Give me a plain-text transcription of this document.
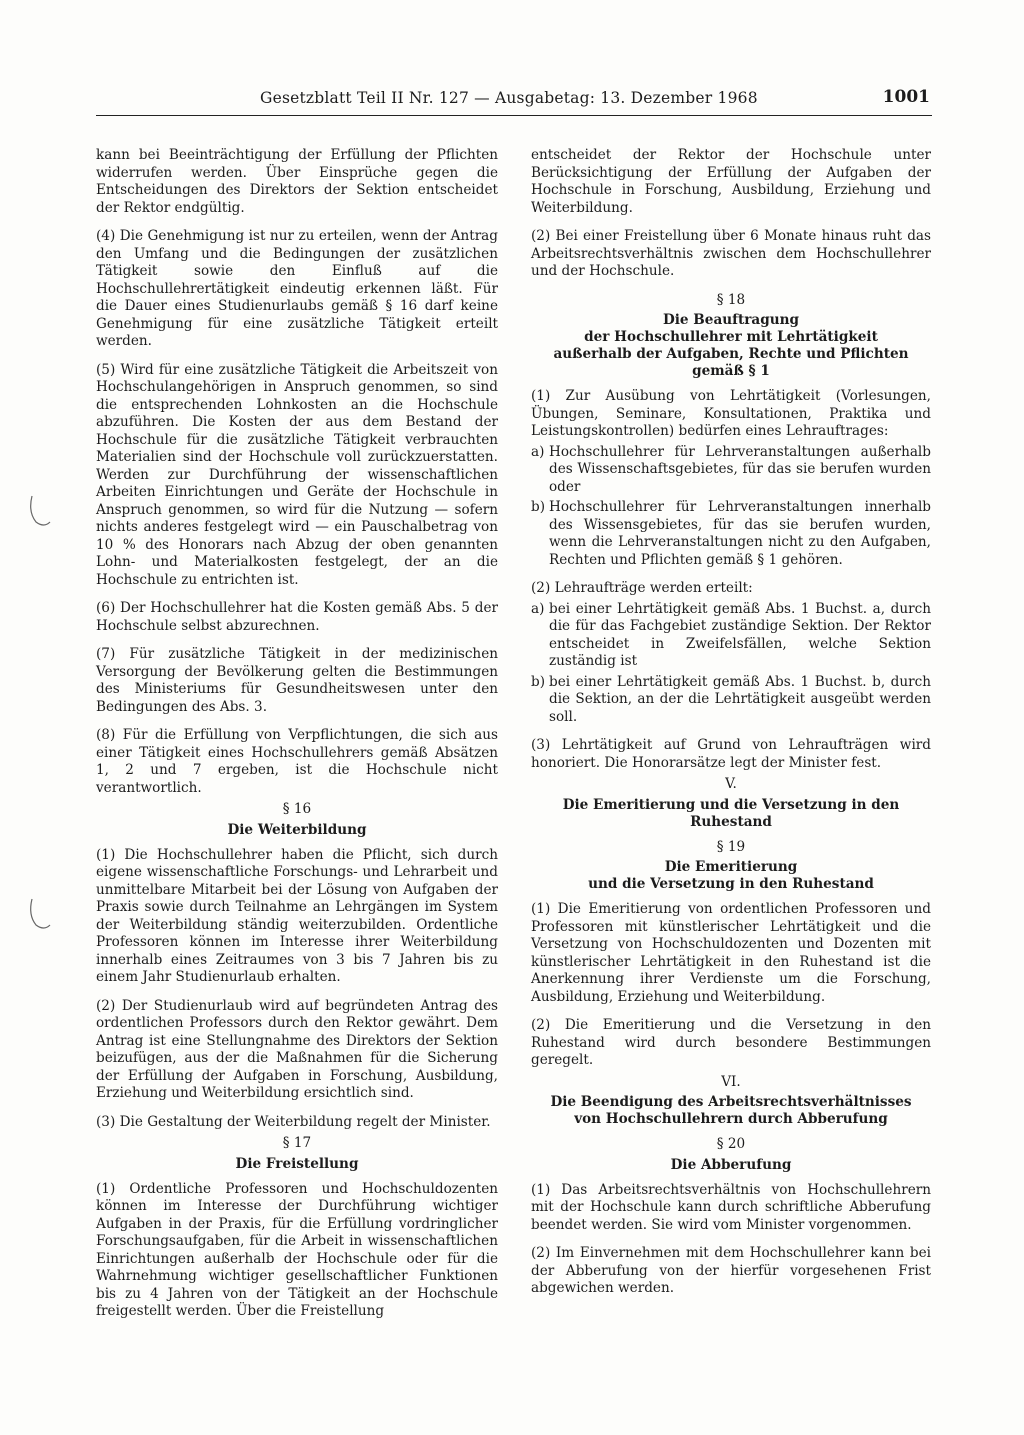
Gesetzblatt Teil II Nr. 127 — Ausgabetag: 13. Dezember 1968	1001

kann bei Beeinträchtigung der Erfüllung der Pflichten widerrufen werden. Über Einsprüche gegen die Entscheidungen des Direktors der Sektion entscheidet der Rektor endgültig.

(4) Die Genehmigung ist nur zu erteilen, wenn der Antrag den Umfang und die Bedingungen der zusätzlichen Tätigkeit sowie den Einfluß auf die Hochschullehrertätigkeit eindeutig erkennen läßt. Für die Dauer eines Studienurlaubs gemäß § 16 darf keine Genehmigung für eine zusätzliche Tätigkeit erteilt werden.

(5) Wird für eine zusätzliche Tätigkeit die Arbeitszeit von Hochschulangehörigen in Anspruch genommen, so sind die entsprechenden Lohnkosten an die Hochschule abzuführen. Die Kosten der aus dem Bestand der Hochschule für die zusätzliche Tätigkeit verbrauchten Materialien sind der Hochschule voll zurückzuerstatten. Werden zur Durchführung der wissenschaftlichen Arbeiten Einrichtungen und Geräte der Hochschule in Anspruch genommen, so wird für die Nutzung — sofern nichts anderes festgelegt wird — ein Pauschalbetrag von 10 % des Honorars nach Abzug der oben genannten Lohn- und Materialkosten festgelegt, der an die Hochschule zu entrichten ist.

(6) Der Hochschullehrer hat die Kosten gemäß Abs. 5 der Hochschule selbst abzurechnen.

(7) Für zusätzliche Tätigkeit in der medizinischen Versorgung der Bevölkerung gelten die Bestimmungen des Ministeriums für Gesundheitswesen unter den Bedingungen des Abs. 3.

(8) Für die Erfüllung von Verpflichtungen, die sich aus einer Tätigkeit eines Hochschullehrers gemäß Absätzen 1, 2 und 7 ergeben, ist die Hochschule nicht verantwortlich.

§ 16
Die Weiterbildung

(1) Die Hochschullehrer haben die Pflicht, sich durch eigene wissenschaftliche Forschungs- und Lehrarbeit und unmittelbare Mitarbeit bei der Lösung von Aufgaben der Praxis sowie durch Teilnahme an Lehrgängen im System der Weiterbildung ständig weiterzubilden. Ordentliche Professoren können im Interesse ihrer Weiterbildung innerhalb eines Zeitraumes von 3 bis 7 Jahren bis zu einem Jahr Studienurlaub erhalten.

(2) Der Studienurlaub wird auf begründeten Antrag des ordentlichen Professors durch den Rektor gewährt. Dem Antrag ist eine Stellungnahme des Direktors der Sektion beizufügen, aus der die Maßnahmen für die Sicherung der Erfüllung der Aufgaben in Forschung, Ausbildung, Erziehung und Weiterbildung ersichtlich sind.

(3) Die Gestaltung der Weiterbildung regelt der Minister.

§ 17
Die Freistellung

(1) Ordentliche Professoren und Hochschuldozenten können im Interesse der Durchführung wichtiger Aufgaben in der Praxis, für die Erfüllung vordringlicher Forschungsaufgaben, für die Arbeit in wissenschaftlichen Einrichtungen außerhalb der Hochschule oder für die Wahrnehmung wichtiger gesellschaftlicher Funktionen bis zu 4 Jahren von der Tätigkeit an der Hochschule freigestellt werden. Über die Freistellung

entscheidet der Rektor der Hochschule unter Berücksichtigung der Erfüllung der Aufgaben der Hochschule in Forschung, Ausbildung, Erziehung und Weiterbildung.

(2) Bei einer Freistellung über 6 Monate hinaus ruht das Arbeitsrechtsverhältnis zwischen dem Hochschullehrer und der Hochschule.

§ 18
Die Beauftragung
der Hochschullehrer mit Lehrtätigkeit
außerhalb der Aufgaben, Rechte und Pflichten
gemäß § 1

(1) Zur Ausübung von Lehrtätigkeit (Vorlesungen, Übungen, Seminare, Konsultationen, Praktika und Leistungskontrollen) bedürfen eines Lehrauftrages:

a) Hochschullehrer für Lehrveranstaltungen außerhalb des Wissenschaftsgebietes, für das sie berufen wurden oder
b) Hochschullehrer für Lehrveranstaltungen innerhalb des Wissensgebietes, für das sie berufen wurden, wenn die Lehrveranstaltungen nicht zu den Aufgaben, Rechten und Pflichten gemäß § 1 gehören.

(2) Lehraufträge werden erteilt:

a) bei einer Lehrtätigkeit gemäß Abs. 1 Buchst. a, durch die für das Fachgebiet zuständige Sektion. Der Rektor entscheidet in Zweifelsfällen, welche Sektion zuständig ist
b) bei einer Lehrtätigkeit gemäß Abs. 1 Buchst. b, durch die Sektion, an der die Lehrtätigkeit ausgeübt werden soll.

(3) Lehrtätigkeit auf Grund von Lehraufträgen wird honoriert. Die Honorarsätze legt der Minister fest.

V.
Die Emeritierung und die Versetzung in den Ruhestand
§ 19
Die Emeritierung
und die Versetzung in den Ruhestand

(1) Die Emeritierung von ordentlichen Professoren und Professoren mit künstlerischer Lehrtätigkeit und die Versetzung von Hochschuldozenten und Dozenten mit künstlerischer Lehrtätigkeit in den Ruhestand ist die Anerkennung ihrer Verdienste um die Forschung, Ausbildung, Erziehung und Weiterbildung.

(2) Die Emeritierung und die Versetzung in den Ruhestand wird durch besondere Bestimmungen geregelt.

VI.
Die Beendigung des Arbeitsrechtsverhältnisses
von Hochschullehrern durch Abberufung
§ 20
Die Abberufung

(1) Das Arbeitsrechtsverhältnis von Hochschullehrern mit der Hochschule kann durch schriftliche Abberufung beendet werden. Sie wird vom Minister vorgenommen.

(2) Im Einvernehmen mit dem Hochschullehrer kann bei der Abberufung von der hierfür vorgesehenen Frist abgewichen werden.
